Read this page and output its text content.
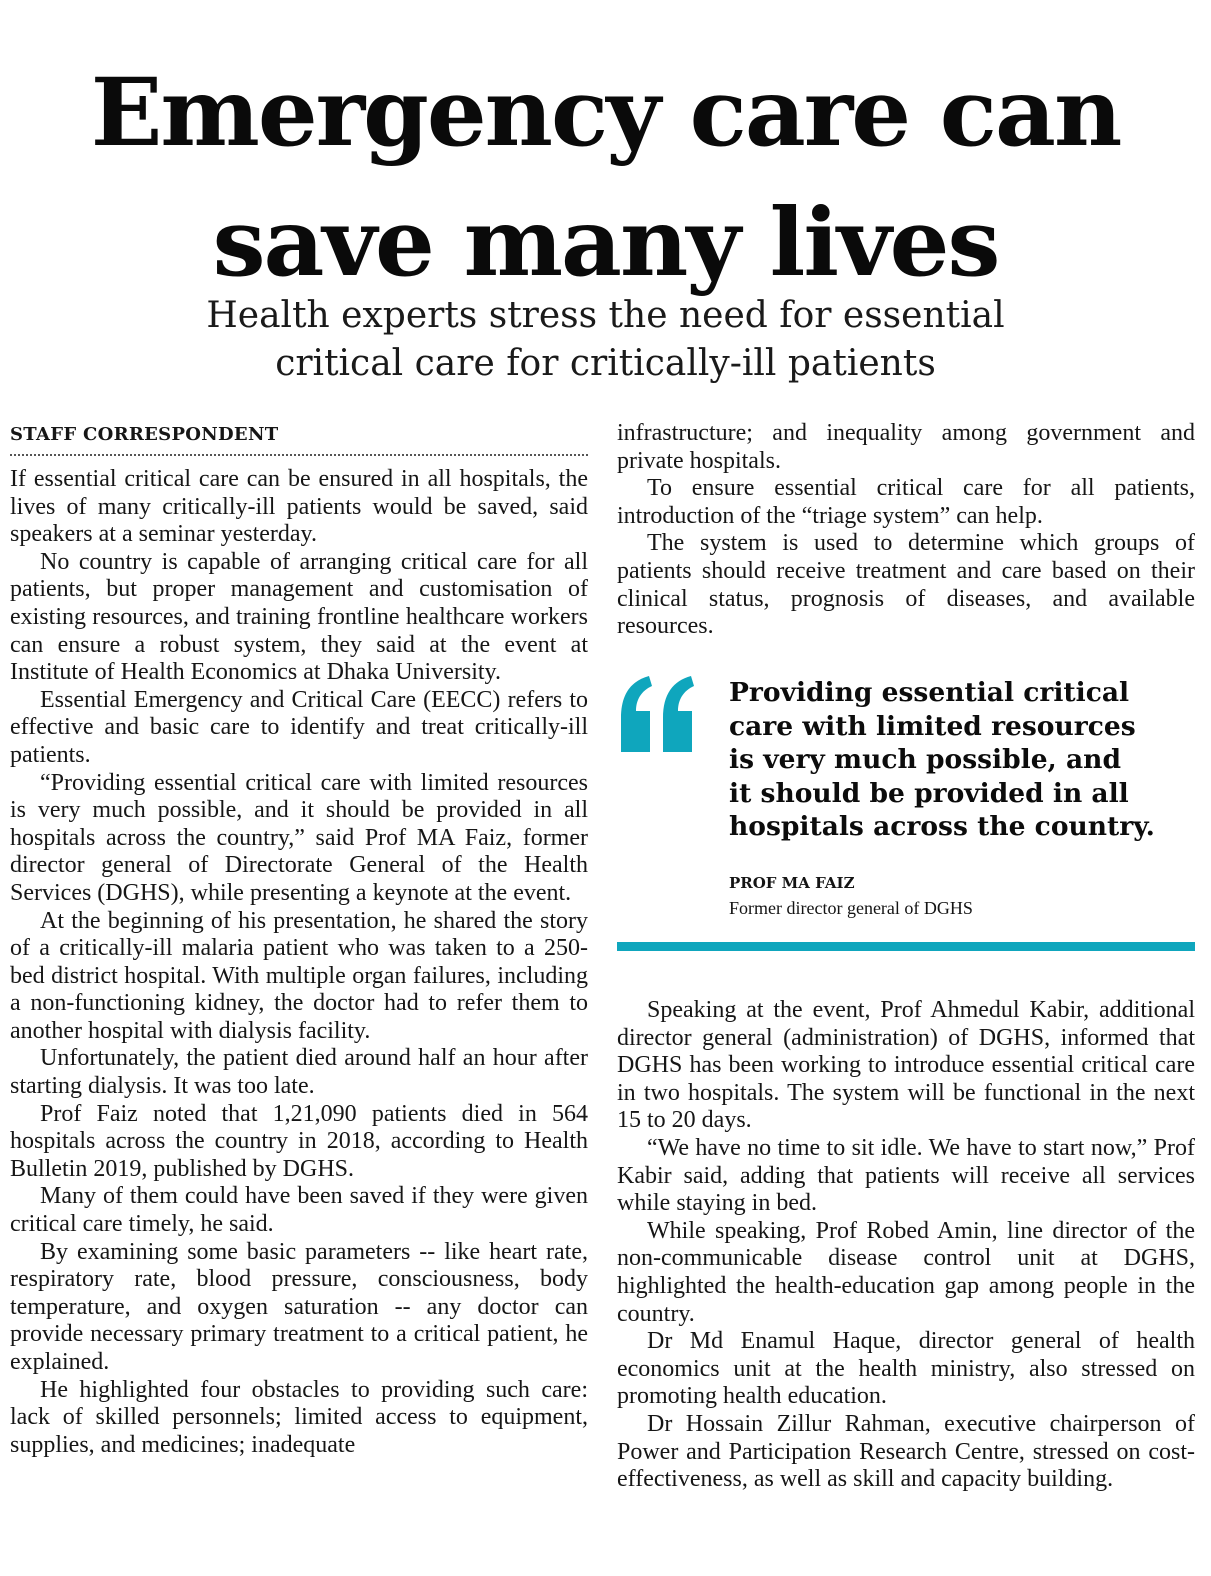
Emergency care can
save many lives
Health experts stress the need for essential
critical care for critically-ill patients

STAFF CORRESPONDENT

If essential critical care can be ensured in all hospitals, the lives of many critically-ill patients would be saved, said speakers at a seminar yesterday.

No country is capable of arranging critical care for all patients, but proper management and customisation of existing resources, and training frontline healthcare workers can ensure a robust system, they said at the event at Institute of Health Economics at Dhaka University.

Essential Emergency and Critical Care (EECC) refers to effective and basic care to identify and treat critically-ill patients.

“Providing essential critical care with limited resources is very much possible, and it should be provided in all hospitals across the country,” said Prof MA Faiz, former director general of Directorate General of the Health Services (DGHS), while presenting a keynote at the event.

At the beginning of his presentation, he shared the story of a critically-ill malaria patient who was taken to a 250-bed district hospital. With multiple organ failures, including a non-functioning kidney, the doctor had to refer them to another hospital with dialysis facility.

Unfortunately, the patient died around half an hour after starting dialysis. It was too late.

Prof Faiz noted that 1,21,090 patients died in 564 hospitals across the country in 2018, according to Health Bulletin 2019, published by DGHS.

Many of them could have been saved if they were given critical care timely, he said.

By examining some basic parameters -- like heart rate, respiratory rate, blood pressure, consciousness, body temperature, and oxygen saturation -- any doctor can provide necessary primary treatment to a critical patient, he explained.

He highlighted four obstacles to providing such care: lack of skilled personnels; limited access to equipment, supplies, and medicines; inadequate

infrastructure; and inequality among government and private hospitals.

To ensure essential critical care for all patients, introduction of the “triage system” can help.

The system is used to determine which groups of patients should receive treatment and care based on their clinical status, prognosis of diseases, and available resources.

Providing essential critical
care with limited resources
is very much possible, and
it should be provided in all
hospitals across the country.

PROF MA FAIZ

Former director general of DGHS

Speaking at the event, Prof Ahmedul Kabir, additional director general (administration) of DGHS, informed that DGHS has been working to introduce essential critical care in two hospitals. The system will be functional in the next 15 to 20 days.

“We have no time to sit idle. We have to start now,” Prof Kabir said, adding that patients will receive all services while staying in bed.

While speaking, Prof Robed Amin, line director of the non-communicable disease control unit at DGHS, highlighted the health-education gap among people in the country.

Dr Md Enamul Haque, director general of health economics unit at the health ministry, also stressed on promoting health education.

Dr Hossain Zillur Rahman, executive chairperson of Power and Participation Research Centre, stressed on cost-effectiveness, as well as skill and capacity building.
